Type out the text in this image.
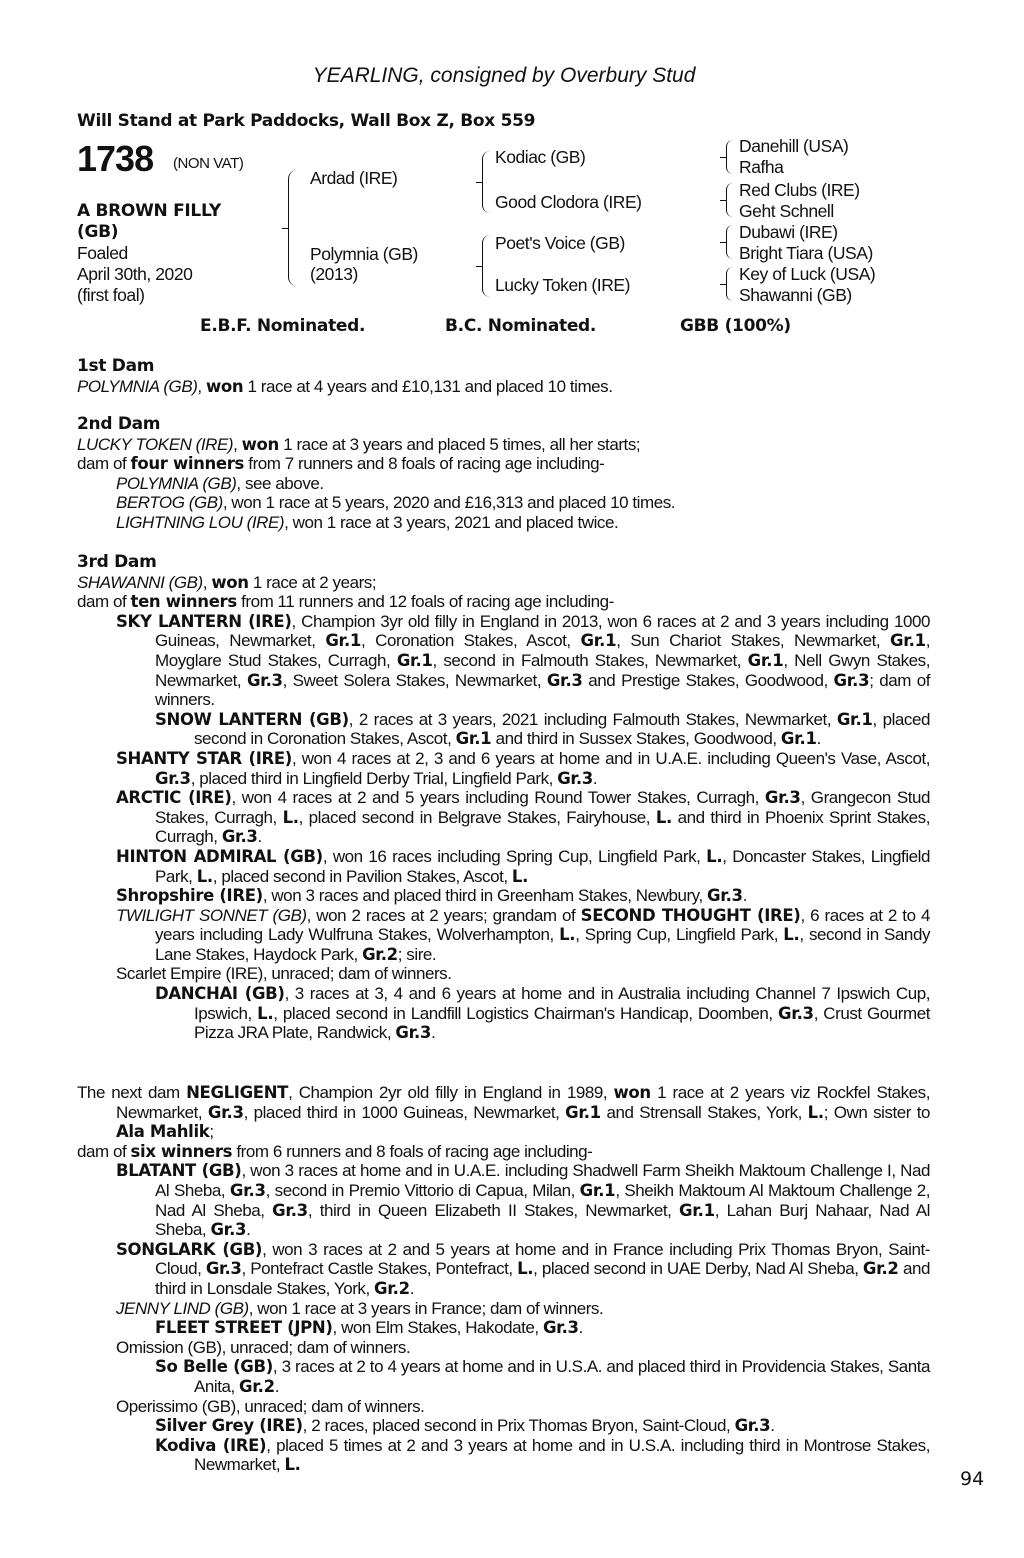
YEARLING, consigned by Overbury Stud
Will Stand at Park Paddocks, Wall Box Z, Box 559
1738 (NON VAT)
A BROWN FILLY
(GB)
Foaled
April 30th, 2020
(first foal)
Ardad (IRE)
Polymnia (GB)
(2013)
Kodiac (GB)
Good Clodora (IRE)
Poet's Voice (GB)
Lucky Token (IRE)
Danehill (USA)
Rafha
Red Clubs (IRE)
Geht Schnell
Dubawi (IRE)
Bright Tiara (USA)
Key of Luck (USA)
Shawanni (GB)
E.B.F. Nominated.	B.C. Nominated.	GBB (100%)
1st Dam
POLYMNIA (GB), won 1 race at 4 years and £10,131 and placed 10 times.
2nd Dam
LUCKY TOKEN (IRE), won 1 race at 3 years and placed 5 times, all her starts;
dam of four winners from 7 runners and 8 foals of racing age including-
POLYMNIA (GB), see above.
BERTOG (GB), won 1 race at 5 years, 2020 and £16,313 and placed 10 times.
LIGHTNING LOU (IRE), won 1 race at 3 years, 2021 and placed twice.
3rd Dam
SHAWANNI (GB), won 1 race at 2 years;
dam of ten winners from 11 runners and 12 foals of racing age including-
SKY LANTERN (IRE), Champion 3yr old filly in England in 2013, won 6 races at 2 and 3 years including 1000 Guineas, Newmarket, Gr.1, Coronation Stakes, Ascot, Gr.1, Sun Chariot Stakes, Newmarket, Gr.1, Moyglare Stud Stakes, Curragh, Gr.1, second in Falmouth Stakes, Newmarket, Gr.1, Nell Gwyn Stakes, Newmarket, Gr.3, Sweet Solera Stakes, Newmarket, Gr.3 and Prestige Stakes, Goodwood, Gr.3; dam of winners.
SNOW LANTERN (GB), 2 races at 3 years, 2021 including Falmouth Stakes, Newmarket, Gr.1, placed second in Coronation Stakes, Ascot, Gr.1 and third in Sussex Stakes, Goodwood, Gr.1.
SHANTY STAR (IRE), won 4 races at 2, 3 and 6 years at home and in U.A.E. including Queen's Vase, Ascot, Gr.3, placed third in Lingfield Derby Trial, Lingfield Park, Gr.3.
ARCTIC (IRE), won 4 races at 2 and 5 years including Round Tower Stakes, Curragh, Gr.3, Grangecon Stud Stakes, Curragh, L., placed second in Belgrave Stakes, Fairyhouse, L. and third in Phoenix Sprint Stakes, Curragh, Gr.3.
HINTON ADMIRAL (GB), won 16 races including Spring Cup, Lingfield Park, L., Doncaster Stakes, Lingfield Park, L., placed second in Pavilion Stakes, Ascot, L.
Shropshire (IRE), won 3 races and placed third in Greenham Stakes, Newbury, Gr.3.
TWILIGHT SONNET (GB), won 2 races at 2 years; grandam of SECOND THOUGHT (IRE), 6 races at 2 to 4 years including Lady Wulfruna Stakes, Wolverhampton, L., Spring Cup, Lingfield Park, L., second in Sandy Lane Stakes, Haydock Park, Gr.2; sire.
Scarlet Empire (IRE), unraced; dam of winners.
DANCHAI (GB), 3 races at 3, 4 and 6 years at home and in Australia including Channel 7 Ipswich Cup, Ipswich, L., placed second in Landfill Logistics Chairman's Handicap, Doomben, Gr.3, Crust Gourmet Pizza JRA Plate, Randwick, Gr.3.
The next dam NEGLIGENT, Champion 2yr old filly in England in 1989, won 1 race at 2 years viz Rockfel Stakes, Newmarket, Gr.3, placed third in 1000 Guineas, Newmarket, Gr.1 and Strensall Stakes, York, L.; Own sister to Ala Mahlik;
dam of six winners from 6 runners and 8 foals of racing age including-
BLATANT (GB), won 3 races at home and in U.A.E. including Shadwell Farm Sheikh Maktoum Challenge I, Nad Al Sheba, Gr.3, second in Premio Vittorio di Capua, Milan, Gr.1, Sheikh Maktoum Al Maktoum Challenge 2, Nad Al Sheba, Gr.3, third in Queen Elizabeth II Stakes, Newmarket, Gr.1, Lahan Burj Nahaar, Nad Al Sheba, Gr.3.
SONGLARK (GB), won 3 races at 2 and 5 years at home and in France including Prix Thomas Bryon, Saint-Cloud, Gr.3, Pontefract Castle Stakes, Pontefract, L., placed second in UAE Derby, Nad Al Sheba, Gr.2 and third in Lonsdale Stakes, York, Gr.2.
JENNY LIND (GB), won 1 race at 3 years in France; dam of winners.
FLEET STREET (JPN), won Elm Stakes, Hakodate, Gr.3.
Omission (GB), unraced; dam of winners.
So Belle (GB), 3 races at 2 to 4 years at home and in U.S.A. and placed third in Providencia Stakes, Santa Anita, Gr.2.
Operissimo (GB), unraced; dam of winners.
Silver Grey (IRE), 2 races, placed second in Prix Thomas Bryon, Saint-Cloud, Gr.3.
Kodiva (IRE), placed 5 times at 2 and 3 years at home and in U.S.A. including third in Montrose Stakes, Newmarket, L.
94
